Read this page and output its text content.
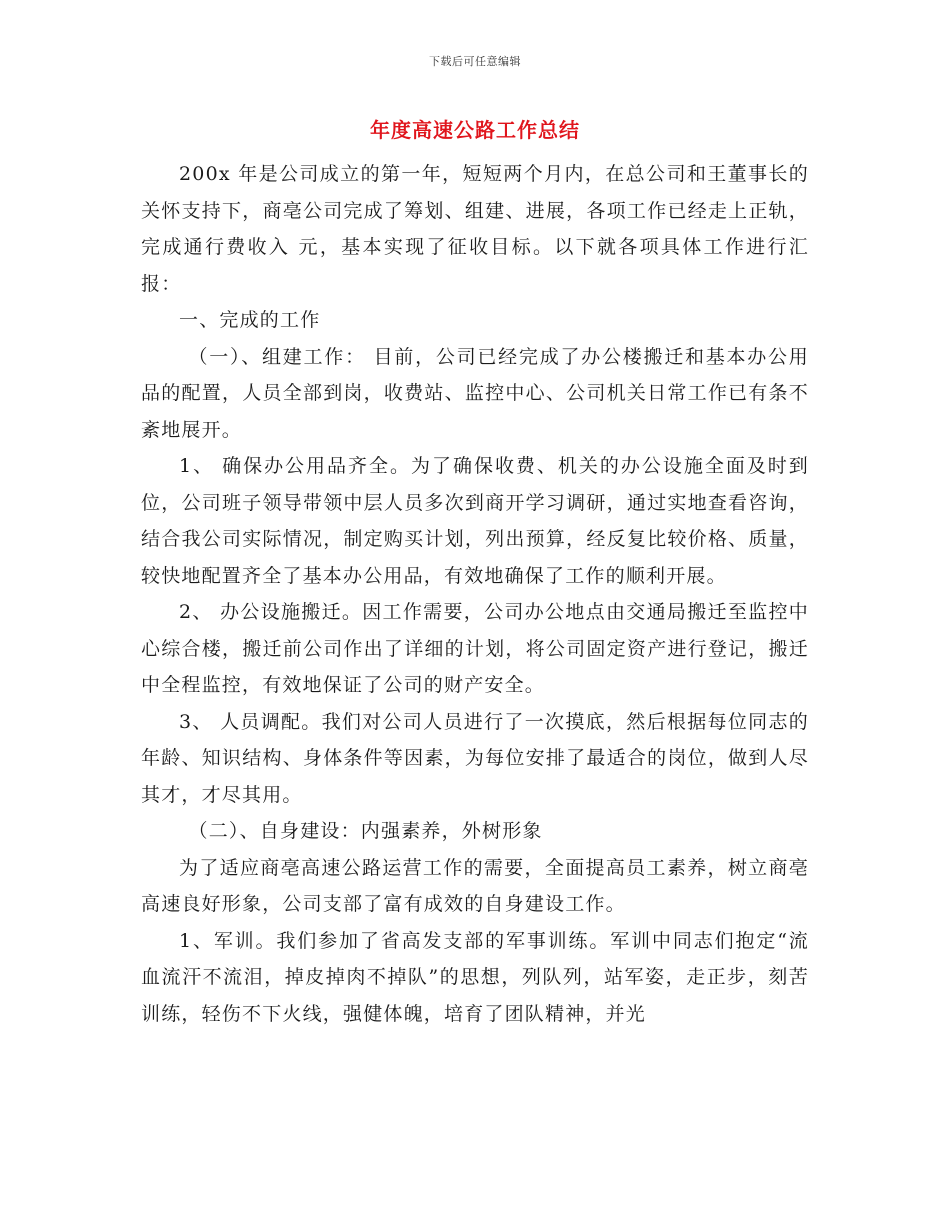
下载后可任意编辑
年度高速公路工作总结

200x 年是公司成立的第一年，短短两个月内，在总公司和王董事长的关怀支持下，商亳公司完成了筹划、组建、进展，各项工作已经走上正轨，完成通行费收入 元，基本实现了征收目标。以下就各项具体工作进行汇报：

一、完成的工作

（一）、组建工作： 目前，公司已经完成了办公楼搬迁和基本办公用品的配置，人员全部到岗，收费站、监控中心、公司机关日常工作已有条不紊地展开。

1、 确保办公用品齐全。为了确保收费、机关的办公设施全面及时到位，公司班子领导带领中层人员多次到商开学习调研，通过实地查看咨询，结合我公司实际情况，制定购买计划，列出预算，经反复比较价格、质量，较快地配置齐全了基本办公用品，有效地确保了工作的顺利开展。

2、 办公设施搬迁。因工作需要，公司办公地点由交通局搬迁至监控中心综合楼，搬迁前公司作出了详细的计划，将公司固定资产进行登记，搬迁中全程监控，有效地保证了公司的财产安全。

3、 人员调配。我们对公司人员进行了一次摸底，然后根据每位同志的年龄、知识结构、身体条件等因素，为每位安排了最适合的岗位，做到人尽其才，才尽其用。

（二）、自身建设：内强素养，外树形象

为了适应商亳高速公路运营工作的需要，全面提高员工素养，树立商亳高速良好形象，公司支部了富有成效的自身建设工作。

1、军训。我们参加了省高发支部的军事训练。军训中同志们抱定“流血流汗不流泪，掉皮掉肉不掉队”的思想，列队列，站军姿，走正步，刻苦训练，轻伤不下火线，强健体魄，培育了团队精神，并光
